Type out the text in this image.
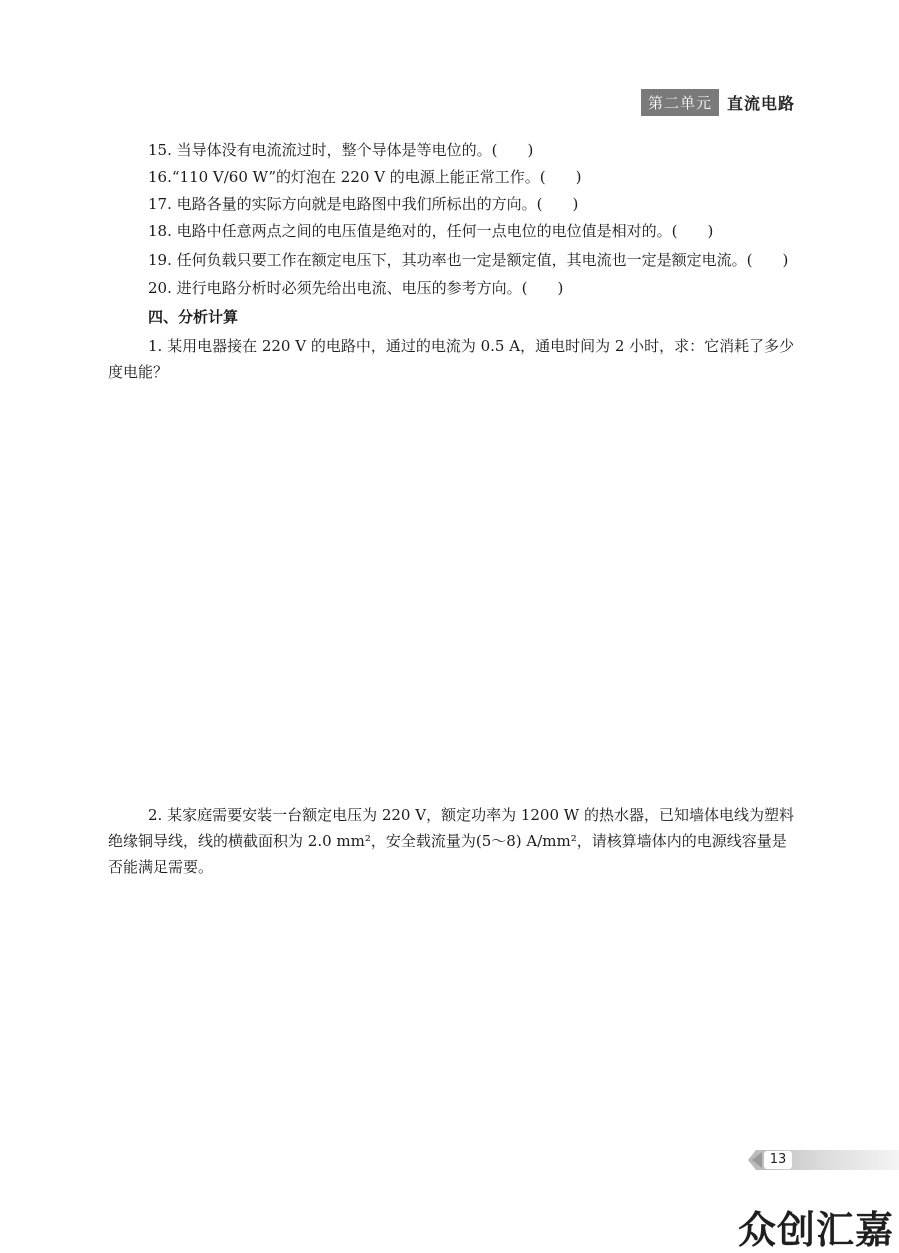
第二单元 直流电路
15. 当导体没有电流流过时，整个导体是等电位的。(　　)
16.“110 V/60 W”的灯泡在 220 V 的电源上能正常工作。(　　)
17. 电路各量的实际方向就是电路图中我们所标出的方向。(　　)
18. 电路中任意两点之间的电压值是绝对的，任何一点电位的电位值是相对的。(　　)
19. 任何负载只要工作在额定电压下，其功率也一定是额定值，其电流也一定是额定电流。(　　)
20. 进行电路分析时必须先给出电流、电压的参考方向。(　　)
四、分析计算
1. 某用电器接在 220 V 的电路中，通过的电流为 0.5 A，通电时间为 2 小时，求：它消耗了多少度电能？
2. 某家庭需要安装一台额定电压为 220 V，额定功率为 1200 W 的热水器，已知墙体电线为塑料绝缘铜导线，线的横截面积为 2.0 mm²，安全载流量为(5～8) A/mm²，请核算墙体内的电源线容量是否能满足需要。
13
众创汇嘉
